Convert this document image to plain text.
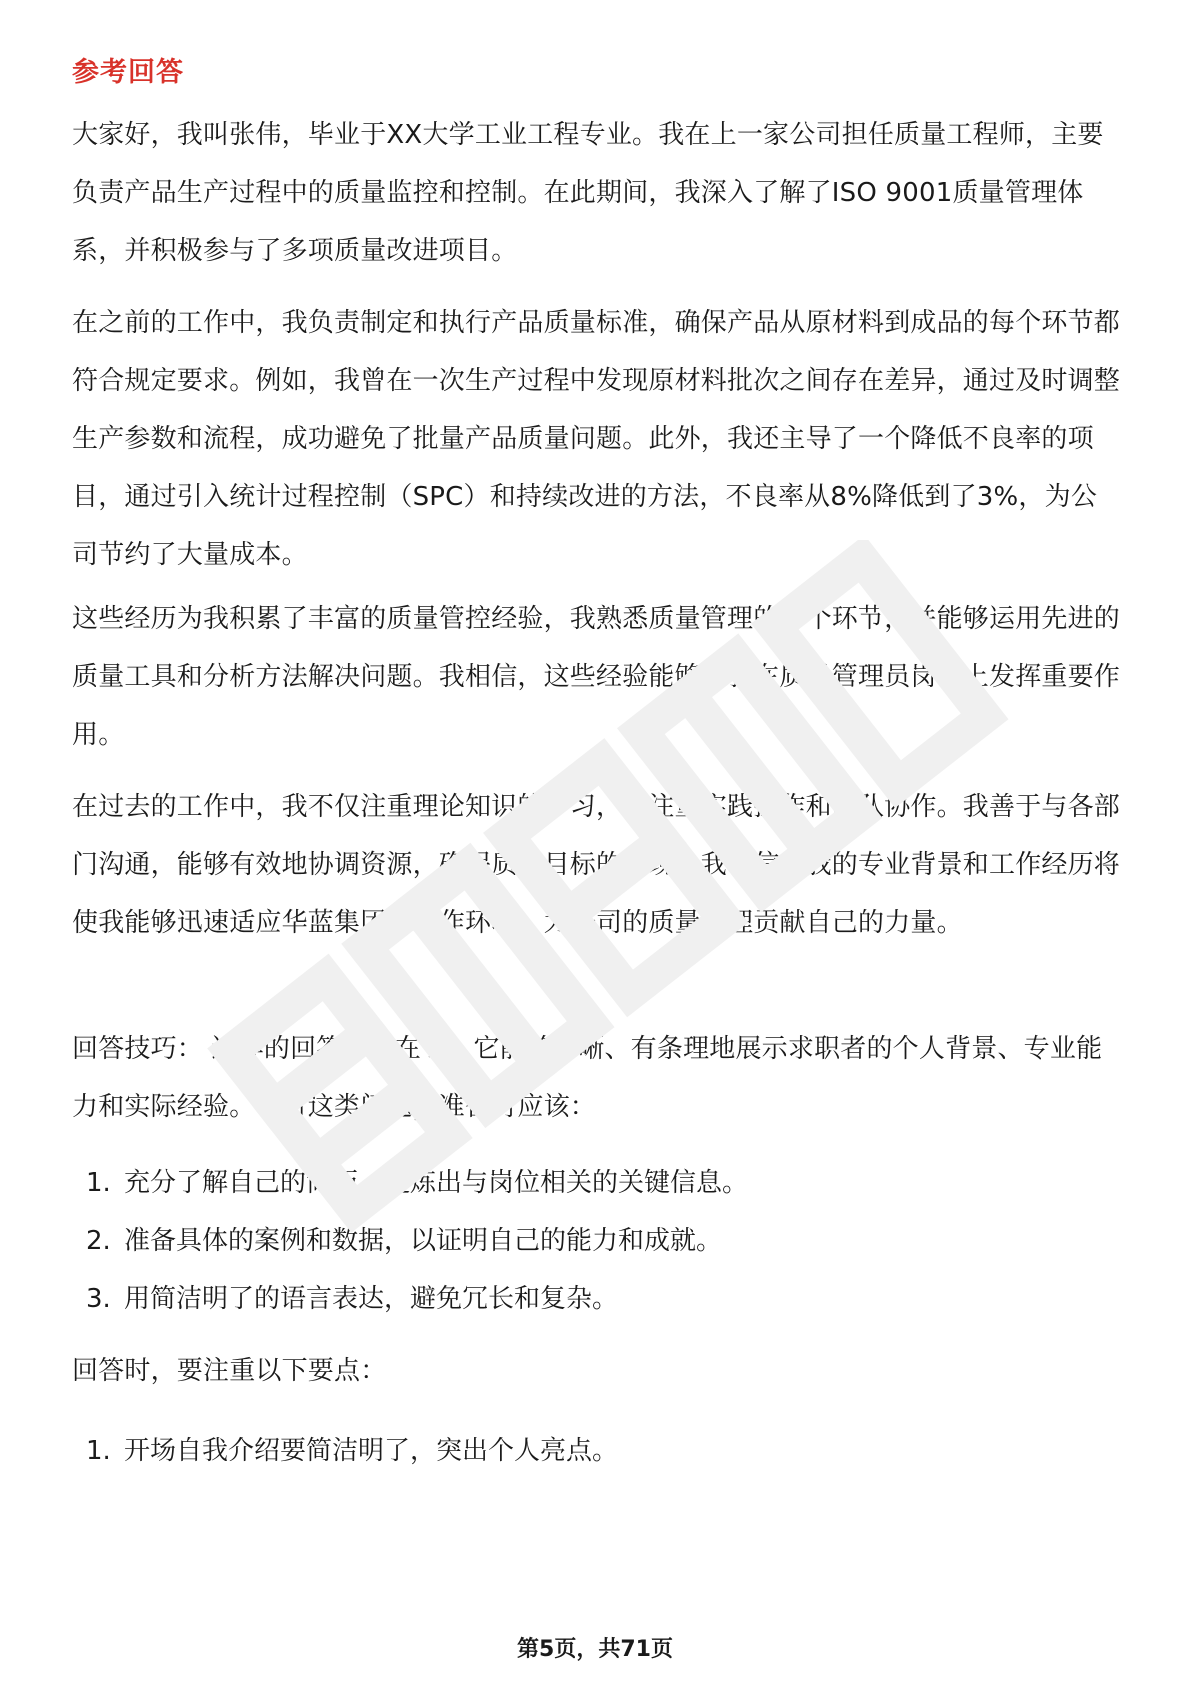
参考回答
大家好，我叫张伟，毕业于XX大学工业工程专业。我在上一家公司担任质量工程师，主要负责产品生产过程中的质量监控和控制。在此期间，我深入了解了ISO 9001质量管理体系，并积极参与了多项质量改进项目。
在之前的工作中，我负责制定和执行产品质量标准，确保产品从原材料到成品的每个环节都符合规定要求。例如，我曾在一次生产过程中发现原材料批次之间存在差异，通过及时调整生产参数和流程，成功避免了批量产品质量问题。此外，我还主导了一个降低不良率的项目，通过引入统计过程控制（SPC）和持续改进的方法，不良率从8%降低到了3%，为公司节约了大量成本。
这些经历为我积累了丰富的质量管控经验，我熟悉质量管理的各个环节，并能够运用先进的质量工具和分析方法解决问题。我相信，这些经验能够让我在质量管理员岗位上发挥重要作用。
在过去的工作中，我不仅注重理论知识的学习，更注重实践操作和团队协作。我善于与各部门沟通，能够有效地协调资源，确保质量目标的实现。我相信，我的专业背景和工作经历将使我能够迅速适应华蓝集团的工作环境，为公司的质量管理贡献自己的力量。
回答技巧： 这样的回答好处在于，它能够清晰、有条理地展示求职者的个人背景、专业能力和实际经验。针对这类问题，准备时应该：
1. 充分了解自己的简历，提炼出与岗位相关的关键信息。
2. 准备具体的案例和数据，以证明自己的能力和成就。
3. 用简洁明了的语言表达，避免冗长和复杂。
回答时，要注重以下要点：
1. 开场自我介绍要简洁明了，突出个人亮点。
第5页，共71页
